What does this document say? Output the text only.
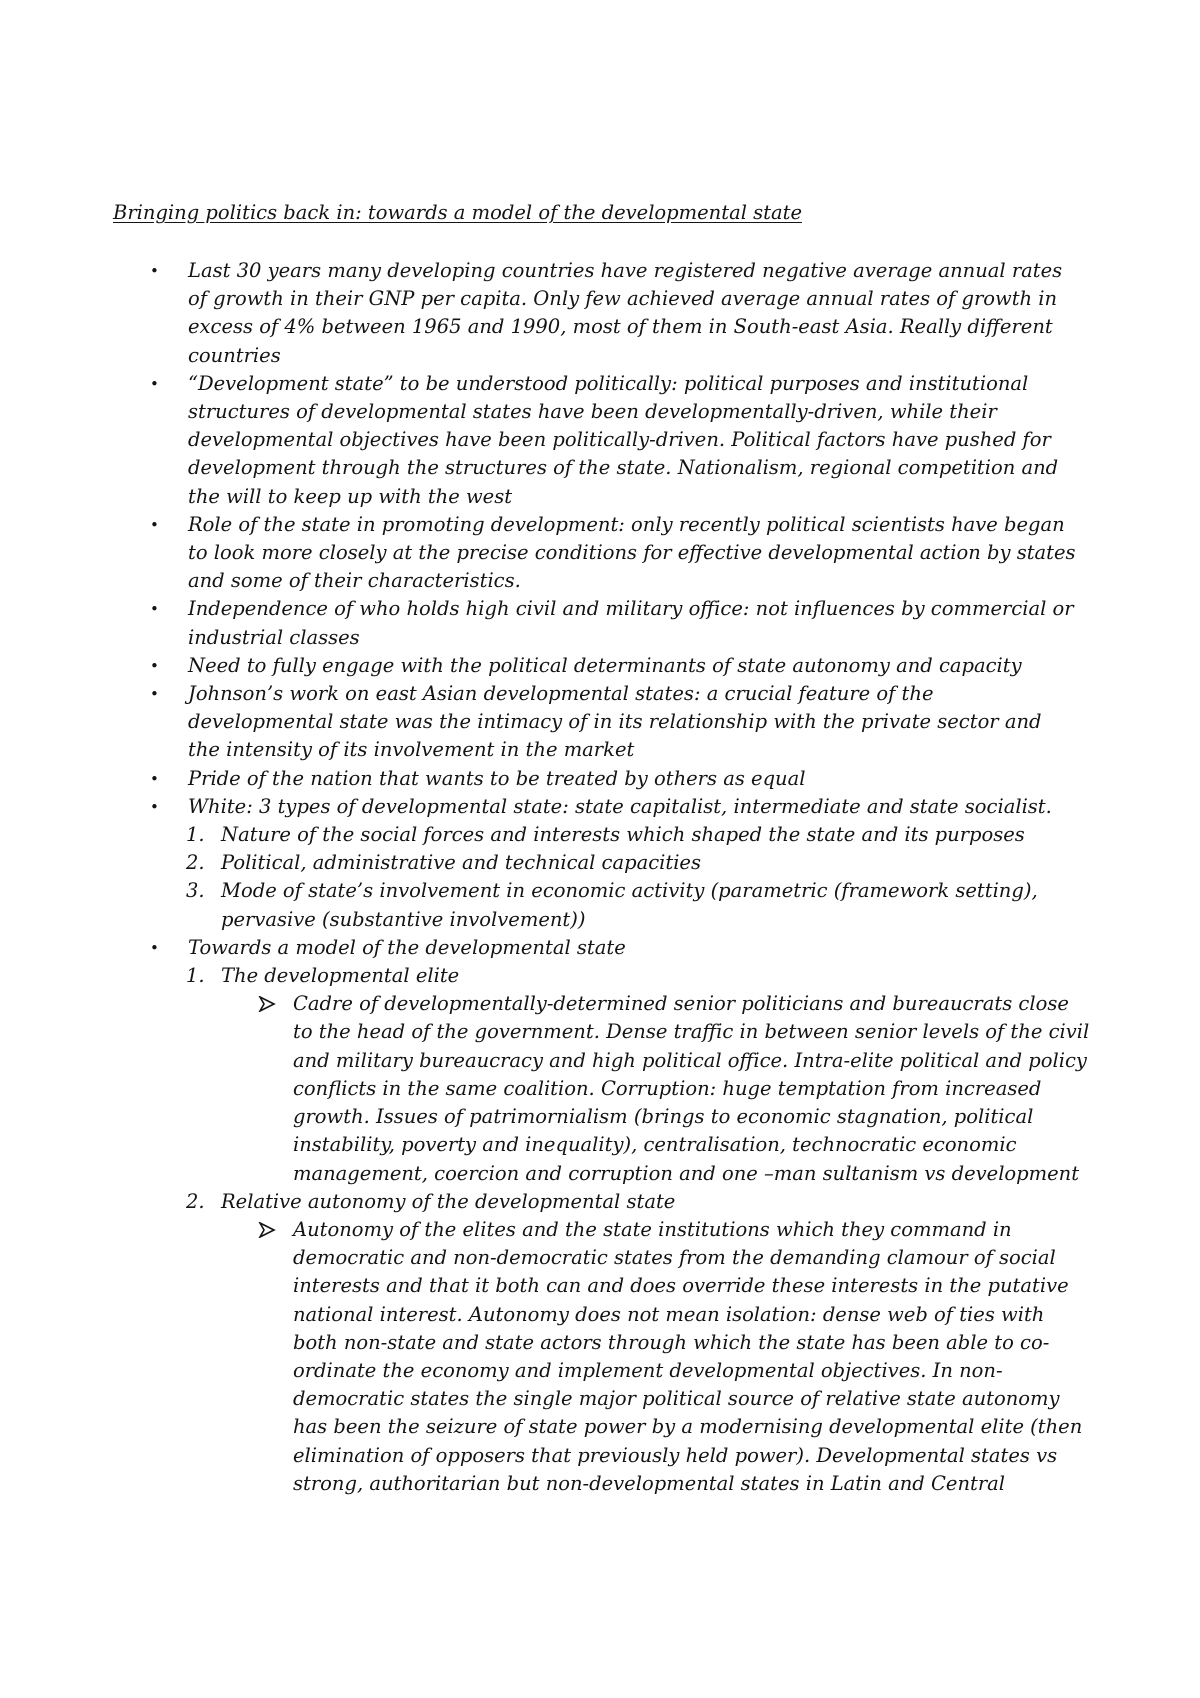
Bringing politics back in: towards a model of the developmental state
• Last 30 years many developing countries have registered negative average annual rates of growth in their GNP per capita. Only few achieved average annual rates of growth in excess of 4% between 1965 and 1990, most of them in South-east Asia. Really different countries
• “Development state” to be understood politically: political purposes and institutional structures of developmental states have been developmentally-driven, while their developmental objectives have been politically-driven. Political factors have pushed for development through the structures of the state. Nationalism, regional competition and the will to keep up with the west
• Role of the state in promoting development: only recently political scientists have began to look more closely at the precise conditions for effective developmental action by states and some of their characteristics.
• Independence of who holds high civil and military office: not influences by commercial or industrial classes
• Need to fully engage with the political determinants of state autonomy and capacity
• Johnson’s work on east Asian developmental states: a crucial feature of the developmental state was the intimacy of in its relationship with the private sector and the intensity of its involvement in the market
• Pride of the nation that wants to be treated by others as equal
• White: 3 types of developmental state: state capitalist, intermediate and state socialist.
1. Nature of the social forces and interests which shaped the state and its purposes
2. Political, administrative and technical capacities
3. Mode of state’s involvement in economic activity (parametric (framework setting), pervasive (substantive involvement))
• Towards a model of the developmental state
1. The developmental elite
Cadre of developmentally-determined senior politicians and bureaucrats close to the head of the government. Dense traffic in between senior levels of the civil and military bureaucracy and high political office. Intra-elite political and policy conflicts in the same coalition. Corruption: huge temptation from increased growth. Issues of patrimornialism (brings to economic stagnation, political instability, poverty and inequality), centralisation, technocratic economic management, coercion and corruption and one –man sultanism vs development
2. Relative autonomy of the developmental state
Autonomy of the elites and the state institutions which they command in democratic and non-democratic states from the demanding clamour of social interests and that it both can and does override these interests in the putative national interest. Autonomy does not mean isolation: dense web of ties with both non-state and state actors through which the state has been able to co-ordinate the economy and implement developmental objectives. In non-democratic states the single major political source of relative state autonomy has been the seizure of state power by a modernising developmental elite (then elimination of opposers that previously held power). Developmental states vs strong, authoritarian but non-developmental states in Latin and Central
